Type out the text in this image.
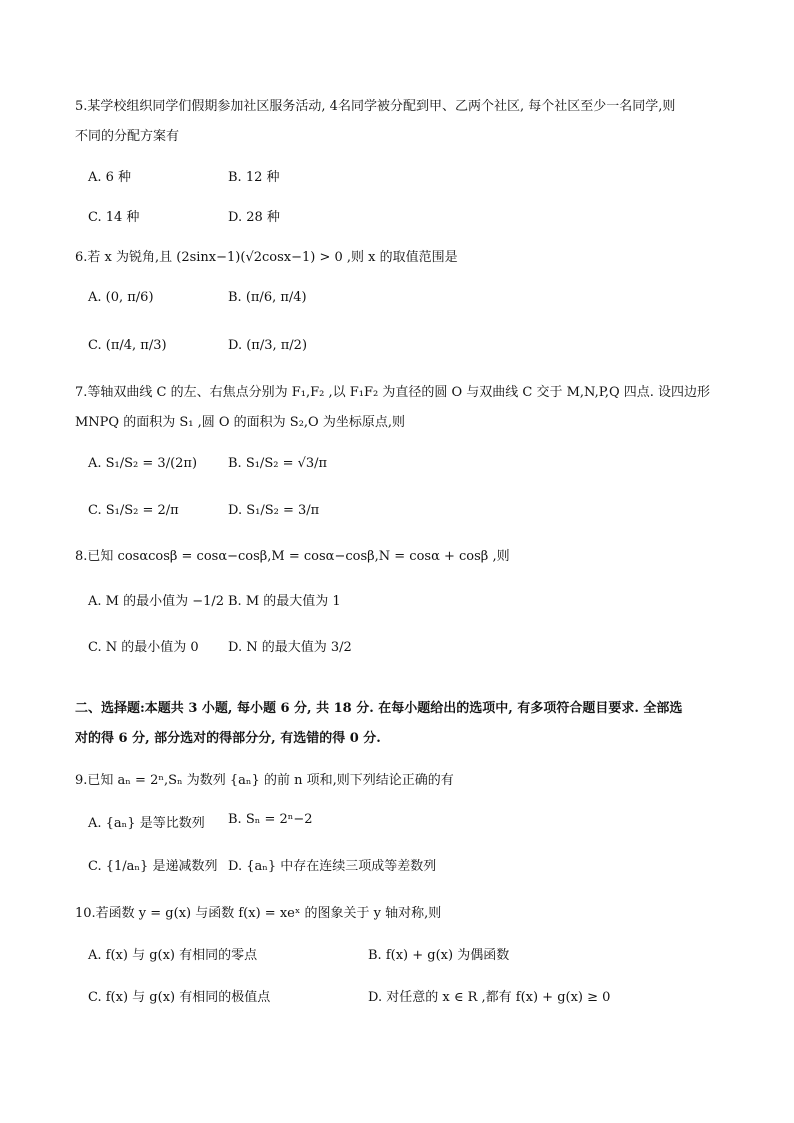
5.某学校组织同学们假期参加社区服务活动, 4名同学被分配到甲、乙两个社区, 每个社区至少一名同学,则
不同的分配方案有
A. 6 种	B. 12 种
C. 14 种	D. 28 种
6.若 x 为锐角,且 (2sinx−1)(√2cosx−1) > 0 ,则 x 的取值范围是
A. (0, π/6)	B. (π/6, π/4)
C. (π/4, π/3)	D. (π/3, π/2)
7.等轴双曲线 C 的左、右焦点分别为 F₁,F₂ ,以 F₁F₂ 为直径的圆 O 与双曲线 C 交于 M,N,P,Q 四点. 设四边形
MNPQ 的面积为 S₁ ,圆 O 的面积为 S₂,O 为坐标原点,则
A. S₁/S₂ = 3/(2π) B. S₁/S₂ = √3/π
C. S₁/S₂ = 2/π	D. S₁/S₂ = 3/π
8.已知 cosαcosβ = cosα−cosβ,M = cosα−cosβ,N = cosα + cosβ ,则
A. M 的最小值为 −1/2 B. M 的最大值为 1
C. N 的最小值为 0 D. N 的最大值为 3/2
二、选择题:本题共 3 小题, 每小题 6 分, 共 18 分. 在每小题给出的选项中, 有多项符合题目要求. 全部选
对的得 6 分, 部分选对的得部分分, 有选错的得 0 分.
9.已知 aₙ = 2ⁿ,Sₙ 为数列 {aₙ} 的前 n 项和,则下列结论正确的有
A. {aₙ} 是等比数列 B. Sₙ = 2ⁿ−2
C. {1/aₙ} 是递减数列 D. {aₙ} 中存在连续三项成等差数列
10.若函数 y = g(x) 与函数 f(x) = xeˣ 的图象关于 y 轴对称,则
A. f(x) 与 g(x) 有相同的零点	B. f(x) + g(x) 为偶函数
C. f(x) 与 g(x) 有相同的极值点	D. 对任意的 x ∈ R ,都有 f(x) + g(x) ≥ 0
